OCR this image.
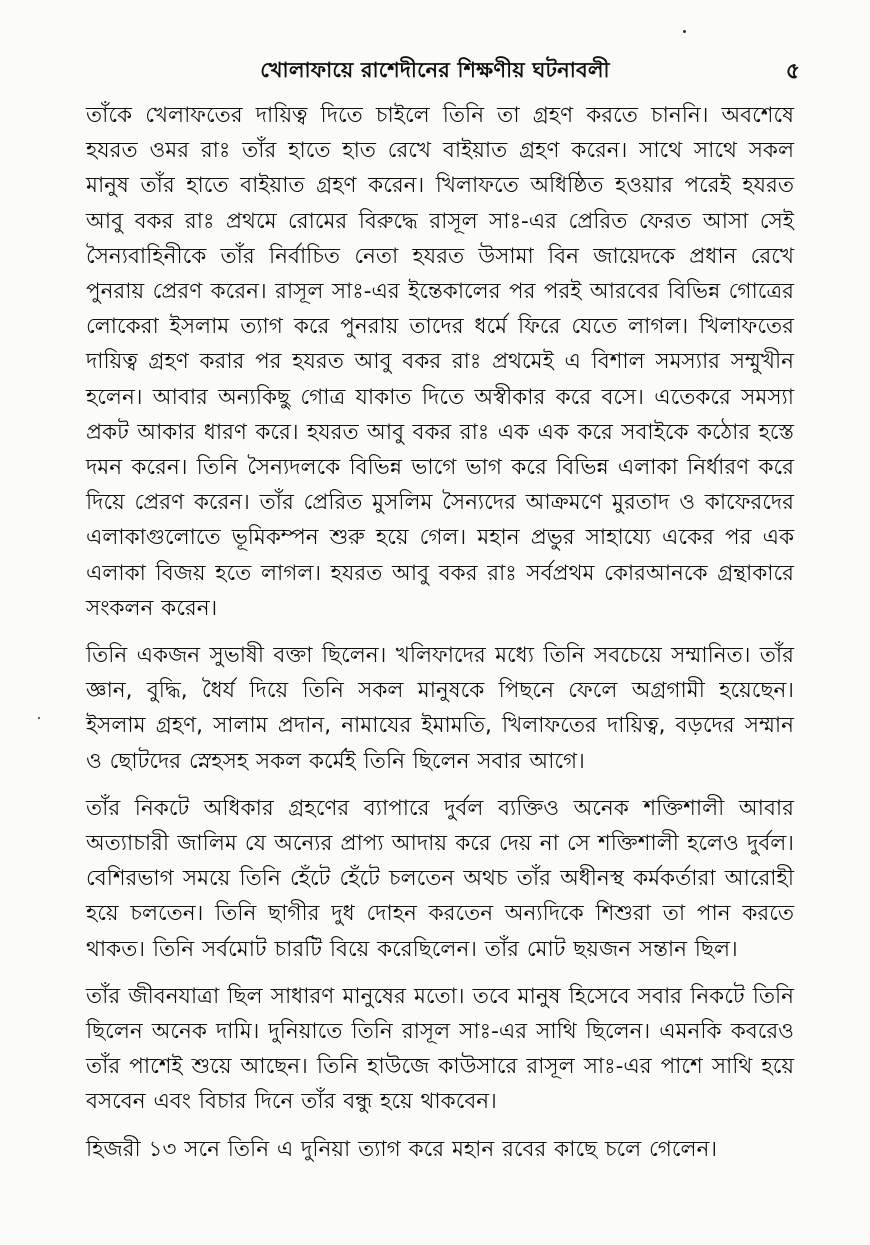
খোলাফায়ে রাশেদীনের শিক্ষণীয় ঘটনাবলী	৫

তাঁকে খেলাফতের দায়িত্ব দিতে চাইলে তিনি তা গ্রহণ করতে চাননি। অবশেষে হযরত ওমর রাঃ তাঁর হাতে হাত রেখে বাইয়াত গ্রহণ করেন। সাথে সাথে সকল মানুষ তাঁর হাতে বাইয়াত গ্রহণ করেন। খিলাফতে অধিষ্ঠিত হওয়ার পরেই হযরত আবু বকর রাঃ প্রথমে রোমের বিরুদ্ধে রাসূল সাঃ-এর প্রেরিত ফেরত আসা সেই সৈন্যবাহিনীকে তাঁর নির্বাচিত নেতা হযরত উসামা বিন জায়েদকে প্রধান রেখে পুনরায় প্রেরণ করেন। রাসূল সাঃ-এর ইন্তেকালের পর পরই আরবের বিভিন্ন গোত্রের লোকেরা ইসলাম ত্যাগ করে পুনরায় তাদের ধর্মে ফিরে যেতে লাগল। খিলাফতের দায়িত্ব গ্রহণ করার পর হযরত আবু বকর রাঃ প্রথমেই এ বিশাল সমস্যার সম্মুখীন হলেন। আবার অন্যকিছু গোত্র যাকাত দিতে অস্বীকার করে বসে। এতেকরে সমস্যা প্রকট আকার ধারণ করে। হযরত আবু বকর রাঃ এক এক করে সবাইকে কঠোর হস্তে দমন করেন। তিনি সৈন্যদলকে বিভিন্ন ভাগে ভাগ করে বিভিন্ন এলাকা নির্ধারণ করে দিয়ে প্রেরণ করেন। তাঁর প্রেরিত মুসলিম সৈন্যদের আক্রমণে মুরতাদ ও কাফেরদের এলাকাগুলোতে ভূমিকম্পন শুরু হয়ে গেল। মহান প্রভুর সাহায্যে একের পর এক এলাকা বিজয় হতে লাগল। হযরত আবু বকর রাঃ সর্বপ্রথম কোরআনকে গ্রন্থাকারে সংকলন করেন।

তিনি একজন সুভাষী বক্তা ছিলেন। খলিফাদের মধ্যে তিনি সবচেয়ে সম্মানিত। তাঁর জ্ঞান, বুদ্ধি, ধৈর্য দিয়ে তিনি সকল মানুষকে পিছনে ফেলে অগ্রগামী হয়েছেন। ইসলাম গ্রহণ, সালাম প্রদান, নামাযের ইমামতি, খিলাফতের দায়িত্ব, বড়দের সম্মান ও ছোটদের স্নেহসহ সকল কর্মেই তিনি ছিলেন সবার আগে।

তাঁর নিকটে অধিকার গ্রহণের ব্যাপারে দুর্বল ব্যক্তিও অনেক শক্তিশালী আবার অত্যাচারী জালিম যে অন্যের প্রাপ্য আদায় করে দেয় না সে শক্তিশালী হলেও দুর্বল। বেশিরভাগ সময়ে তিনি হেঁটে হেঁটে চলতেন অথচ তাঁর অধীনস্থ কর্মকর্তারা আরোহী হয়ে চলতেন। তিনি ছাগীর দুধ দোহন করতেন অন্যদিকে শিশুরা তা পান করতে থাকত। তিনি সর্বমোট চারটি বিয়ে করেছিলেন। তাঁর মোট ছয়জন সন্তান ছিল।

তাঁর জীবনযাত্রা ছিল সাধারণ মানুষের মতো। তবে মানুষ হিসেবে সবার নিকটে তিনি ছিলেন অনেক দামি। দুনিয়াতে তিনি রাসূল সাঃ-এর সাথি ছিলেন। এমনকি কবরেও তাঁর পাশেই শুয়ে আছেন। তিনি হাউজে কাউসারে রাসূল সাঃ-এর পাশে সাথি হয়ে বসবেন এবং বিচার দিনে তাঁর বন্ধু হয়ে থাকবেন।

হিজরী ১৩ সনে তিনি এ দুনিয়া ত্যাগ করে মহান রবের কাছে চলে গেলেন।
